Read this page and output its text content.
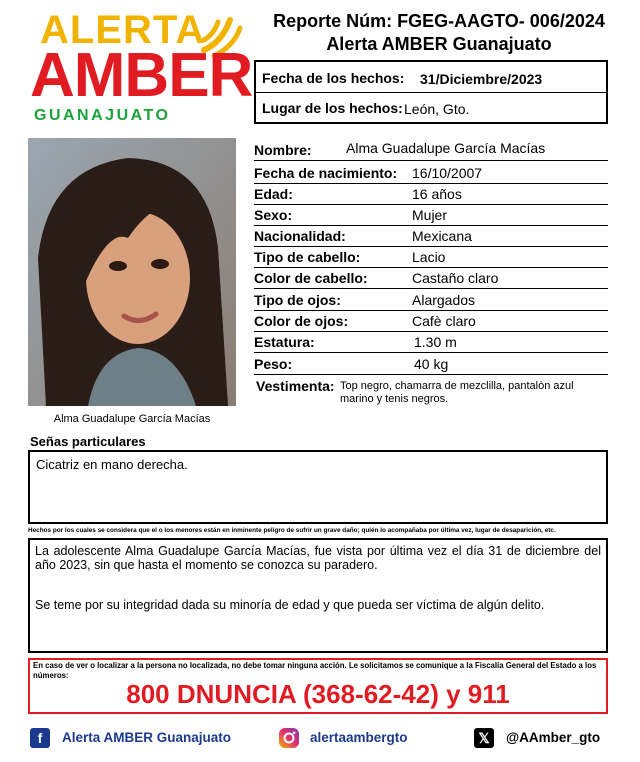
ALERTA
AMBER
GUANAJUATO
Reporte Núm: FGEG-AAGTO- 006/2024
Alerta AMBER Guanajuato
Fecha de los hechos: 31/Diciembre/2023
Lugar de los hechos: León, Gto.
Alma Guadalupe García Macías
Nombre: Alma Guadalupe García Macías
Fecha de nacimiento: 16/10/2007
Edad:	16 años
Sexo:	Mujer
Nacionalidad:	Mexicana
Tipo de cabello:	Lacio
Color de cabello:	Castaño claro
Tipo de ojos:	Alargados
Color de ojos:	Cafè claro
Estatura:	1.30 m
Peso:	40 kg
Vestimenta: Top negro, chamarra de mezclilla, pantalòn azul marino y tenis negros.
Señas particulares
Cicatriz en mano derecha.
Hechos por los cuales se considera que el o los menores están en inminente peligro de sufrir un grave daño; quién lo acompañaba por última vez, lugar de desaparición, etc.

La adolescente Alma Guadalupe García Macías, fue vista por última vez el día 31 de diciembre del año 2023, sin que hasta el momento se conozca su paradero.

Se teme por su integridad dada su minoría de edad y que pueda ser víctima de algún delito.

En caso de ver o localizar a la persona no localizada, no debe tomar ninguna acción. Le solicitamos se comunique a la Fiscalía General del Estado a los números:
800 DNUNCIA (368-62-42) y 911
f	Alerta AMBER Guanajuato	alertaambergto	𝕏	@AAmber_gto
